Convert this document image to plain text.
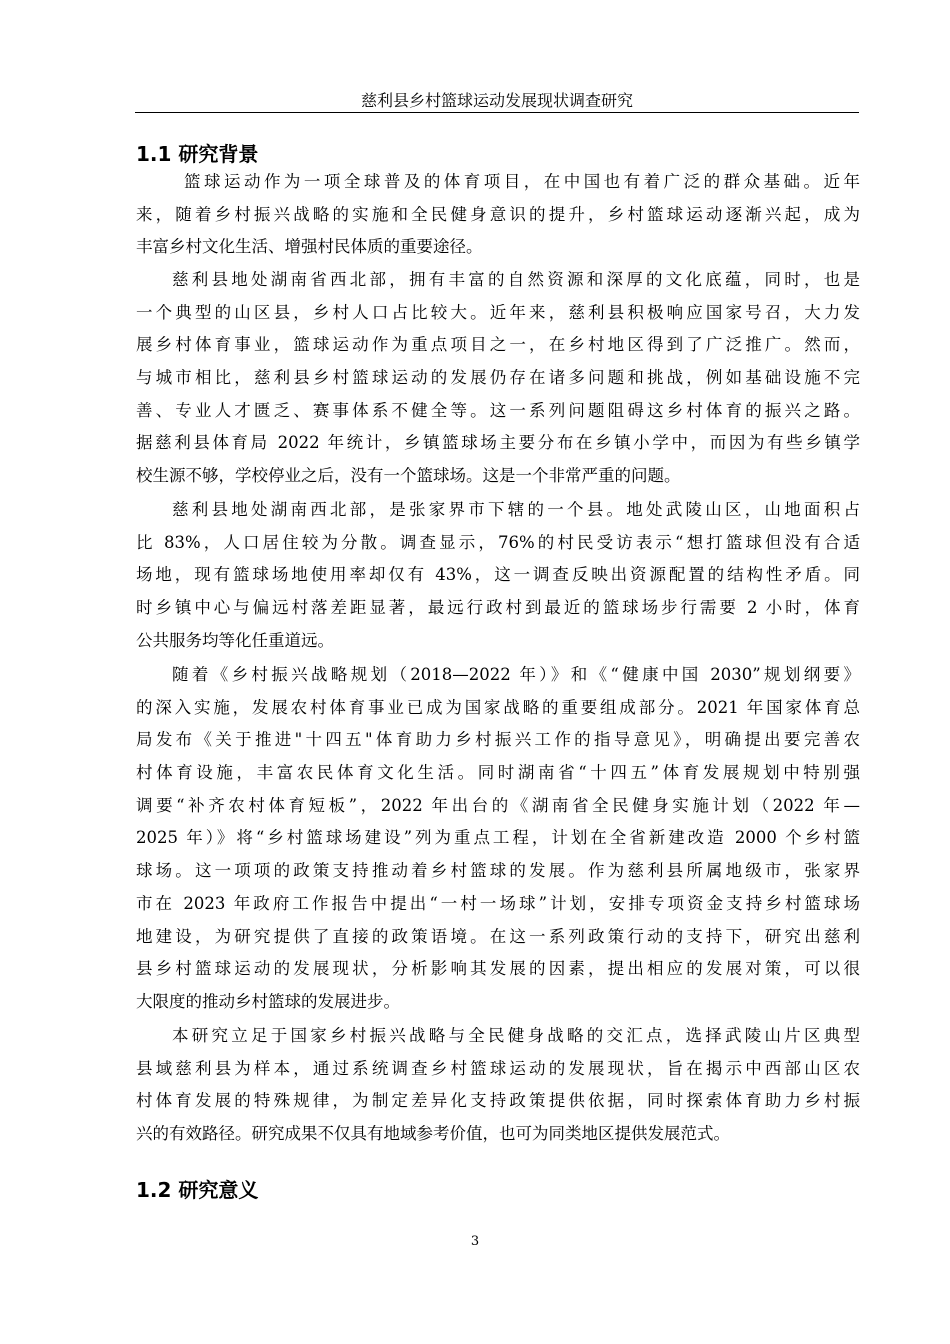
慈利县乡村篮球运动发展现状调查研究
1.1 研究背景
篮球运动作为一项全球普及的体育项目，在中国也有着广泛的群众基础。近年
来，随着乡村振兴战略的实施和全民健身意识的提升，乡村篮球运动逐渐兴起，成为
丰富乡村文化生活、增强村民体质的重要途径。
慈利县地处湖南省西北部，拥有丰富的自然资源和深厚的文化底蕴，同时，也是
一个典型的山区县，乡村人口占比较大。近年来，慈利县积极响应国家号召，大力发
展乡村体育事业，篮球运动作为重点项目之一，在乡村地区得到了广泛推广。然而，
与城市相比，慈利县乡村篮球运动的发展仍存在诸多问题和挑战，例如基础设施不完
善、专业人才匮乏、赛事体系不健全等。这一系列问题阻碍这乡村体育的振兴之路。
据慈利县体育局 2022 年统计，乡镇篮球场主要分布在乡镇小学中，而因为有些乡镇学
校生源不够，学校停业之后，没有一个篮球场。这是一个非常严重的问题。
慈利县地处湖南西北部，是张家界市下辖的一个县。地处武陵山区，山地面积占
比 83%，人口居住较为分散。调查显示，76%的村民受访表示“想打篮球但没有合适
场地，现有篮球场地使用率却仅有 43%，这一调查反映出资源配置的结构性矛盾。同
时乡镇中心与偏远村落差距显著，最远行政村到最近的篮球场步行需要 2 小时，体育
公共服务均等化任重道远。
随着《乡村振兴战略规划（2018—2022 年）》和《“健康中国 2030”规划纲要》
的深入实施，发展农村体育事业已成为国家战略的重要组成部分。2021 年国家体育总
局发布《关于推进"十四五"体育助力乡村振兴工作的指导意见》，明确提出要完善农
村体育设施，丰富农民体育文化生活。同时湖南省“十四五”体育发展规划中特别强
调要“补齐农村体育短板”，2022 年出台的《湖南省全民健身实施计划（2022 年—
2025 年）》将“乡村篮球场建设”列为重点工程，计划在全省新建改造 2000 个乡村篮
球场。这一项项的政策支持推动着乡村篮球的发展。作为慈利县所属地级市，张家界
市在 2023 年政府工作报告中提出“一村一场球”计划，安排专项资金支持乡村篮球场
地建设，为研究提供了直接的政策语境。在这一系列政策行动的支持下，研究出慈利
县乡村篮球运动的发展现状，分析影响其发展的因素，提出相应的发展对策，可以很
大限度的推动乡村篮球的发展进步。
本研究立足于国家乡村振兴战略与全民健身战略的交汇点，选择武陵山片区典型
县域慈利县为样本，通过系统调查乡村篮球运动的发展现状，旨在揭示中西部山区农
村体育发展的特殊规律，为制定差异化支持政策提供依据，同时探索体育助力乡村振
兴的有效路径。研究成果不仅具有地域参考价值，也可为同类地区提供发展范式。
1.2 研究意义
3
